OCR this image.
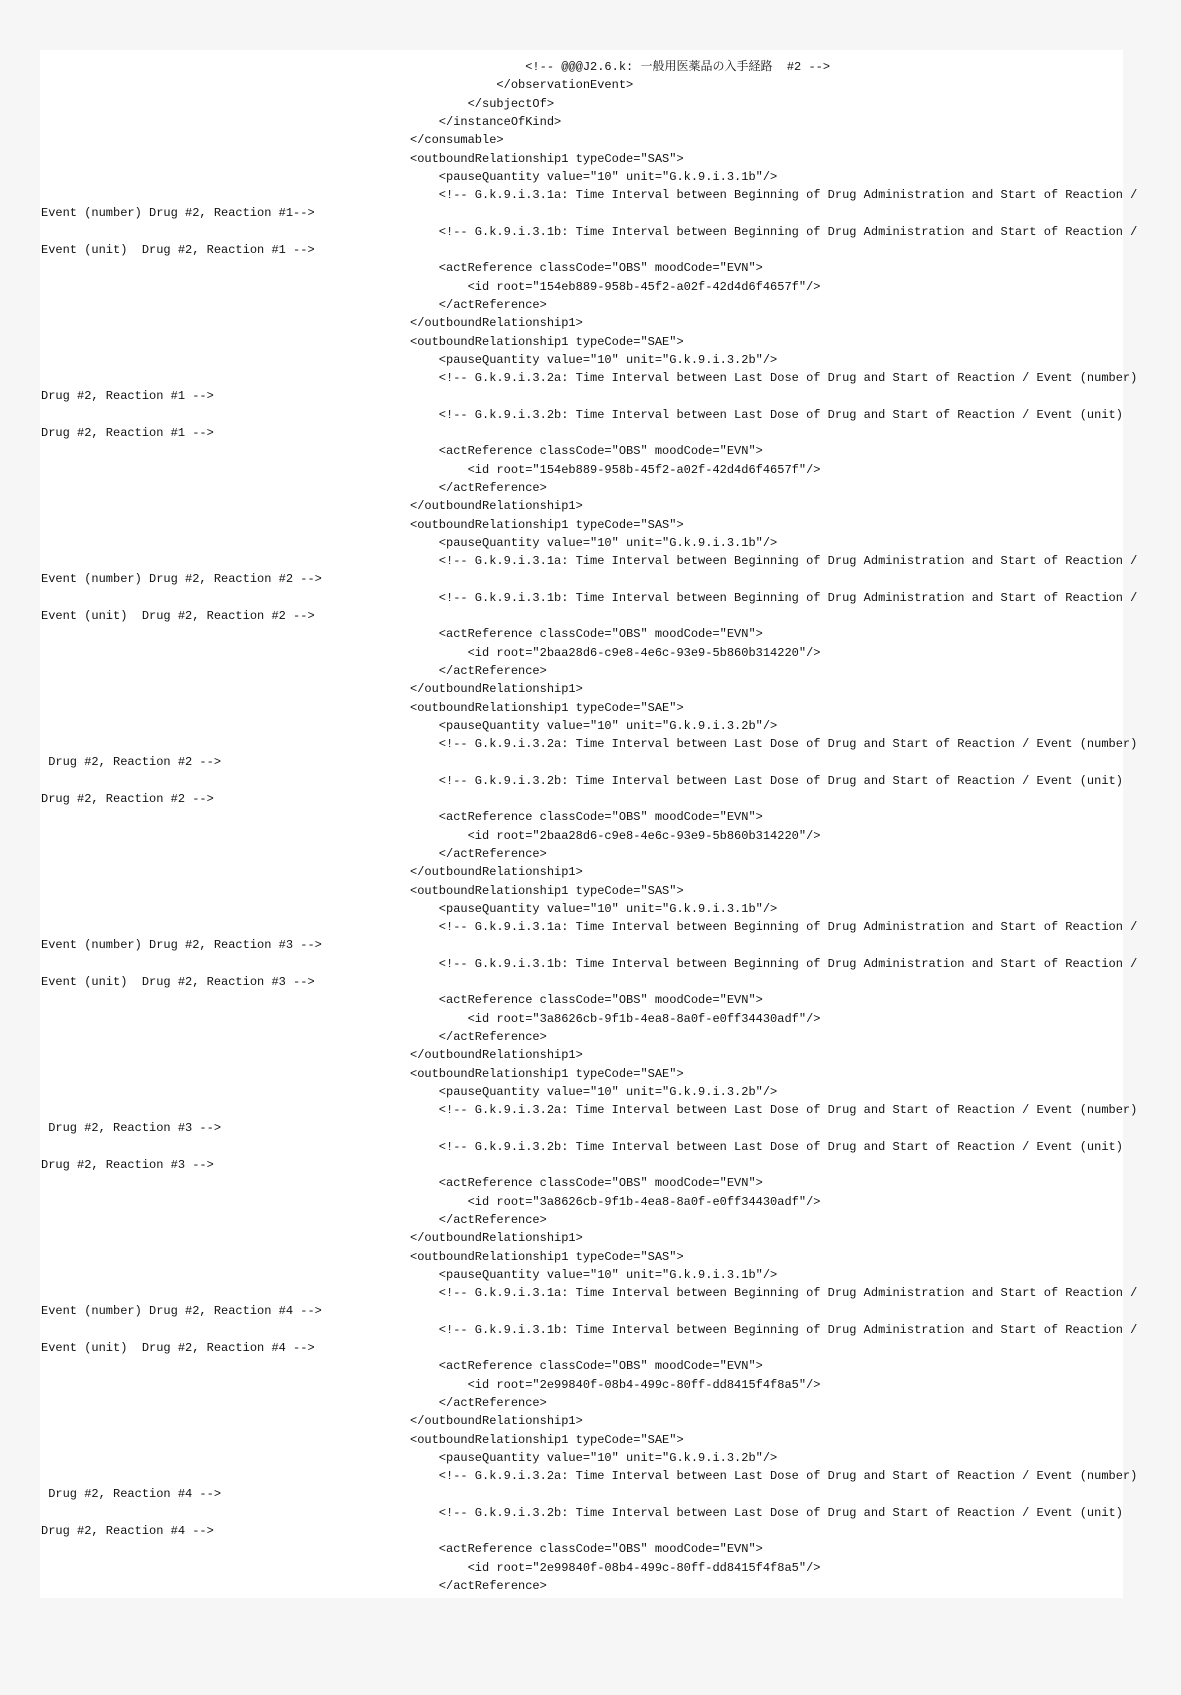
<!-- @@@J2.6.k: 一般用医薬品の入手経路  #2 -->
</observationEvent>
</subjectOf>
</instanceOfKind>
</consumable>
<outboundRelationship1 typeCode="SAS">
<pauseQuantity value="10" unit="G.k.9.i.3.1b"/>
<!-- G.k.9.i.3.1a: Time Interval between Beginning of Drug Administration and Start of Reaction /
Event (number) Drug #2, Reaction #1-->
<!-- G.k.9.i.3.1b: Time Interval between Beginning of Drug Administration and Start of Reaction /
Event (unit)  Drug #2, Reaction #1 -->
<actReference classCode="OBS" moodCode="EVN">
<id root="154eb889-958b-45f2-a02f-42d4d6f4657f"/>
</actReference>
</outboundRelationship1>
<outboundRelationship1 typeCode="SAE">
<pauseQuantity value="10" unit="G.k.9.i.3.2b"/>
<!-- G.k.9.i.3.2a: Time Interval between Last Dose of Drug and Start of Reaction / Event (number)
Drug #2, Reaction #1 -->
<!-- G.k.9.i.3.2b: Time Interval between Last Dose of Drug and Start of Reaction / Event (unit)
Drug #2, Reaction #1 -->
<actReference classCode="OBS" moodCode="EVN">
<id root="154eb889-958b-45f2-a02f-42d4d6f4657f"/>
</actReference>
</outboundRelationship1>
<outboundRelationship1 typeCode="SAS">
<pauseQuantity value="10" unit="G.k.9.i.3.1b"/>
<!-- G.k.9.i.3.1a: Time Interval between Beginning of Drug Administration and Start of Reaction /
Event (number) Drug #2, Reaction #2 -->
<!-- G.k.9.i.3.1b: Time Interval between Beginning of Drug Administration and Start of Reaction /
Event (unit)  Drug #2, Reaction #2 -->
<actReference classCode="OBS" moodCode="EVN">
<id root="2baa28d6-c9e8-4e6c-93e9-5b860b314220"/>
</actReference>
</outboundRelationship1>
<outboundRelationship1 typeCode="SAE">
<pauseQuantity value="10" unit="G.k.9.i.3.2b"/>
<!-- G.k.9.i.3.2a: Time Interval between Last Dose of Drug and Start of Reaction / Event (number)
Drug #2, Reaction #2 -->
<!-- G.k.9.i.3.2b: Time Interval between Last Dose of Drug and Start of Reaction / Event (unit)
Drug #2, Reaction #2 -->
<actReference classCode="OBS" moodCode="EVN">
<id root="2baa28d6-c9e8-4e6c-93e9-5b860b314220"/>
</actReference>
</outboundRelationship1>
<outboundRelationship1 typeCode="SAS">
<pauseQuantity value="10" unit="G.k.9.i.3.1b"/>
<!-- G.k.9.i.3.1a: Time Interval between Beginning of Drug Administration and Start of Reaction /
Event (number) Drug #2, Reaction #3 -->
<!-- G.k.9.i.3.1b: Time Interval between Beginning of Drug Administration and Start of Reaction /
Event (unit)  Drug #2, Reaction #3 -->
<actReference classCode="OBS" moodCode="EVN">
<id root="3a8626cb-9f1b-4ea8-8a0f-e0ff34430adf"/>
</actReference>
</outboundRelationship1>
<outboundRelationship1 typeCode="SAE">
<pauseQuantity value="10" unit="G.k.9.i.3.2b"/>
<!-- G.k.9.i.3.2a: Time Interval between Last Dose of Drug and Start of Reaction / Event (number)
Drug #2, Reaction #3 -->
<!-- G.k.9.i.3.2b: Time Interval between Last Dose of Drug and Start of Reaction / Event (unit)
Drug #2, Reaction #3 -->
<actReference classCode="OBS" moodCode="EVN">
<id root="3a8626cb-9f1b-4ea8-8a0f-e0ff34430adf"/>
</actReference>
</outboundRelationship1>
<outboundRelationship1 typeCode="SAS">
<pauseQuantity value="10" unit="G.k.9.i.3.1b"/>
<!-- G.k.9.i.3.1a: Time Interval between Beginning of Drug Administration and Start of Reaction /
Event (number) Drug #2, Reaction #4 -->
<!-- G.k.9.i.3.1b: Time Interval between Beginning of Drug Administration and Start of Reaction /
Event (unit)  Drug #2, Reaction #4 -->
<actReference classCode="OBS" moodCode="EVN">
<id root="2e99840f-08b4-499c-80ff-dd8415f4f8a5"/>
</actReference>
</outboundRelationship1>
<outboundRelationship1 typeCode="SAE">
<pauseQuantity value="10" unit="G.k.9.i.3.2b"/>
<!-- G.k.9.i.3.2a: Time Interval between Last Dose of Drug and Start of Reaction / Event (number)
Drug #2, Reaction #4 -->
<!-- G.k.9.i.3.2b: Time Interval between Last Dose of Drug and Start of Reaction / Event (unit)
Drug #2, Reaction #4 -->
<actReference classCode="OBS" moodCode="EVN">
<id root="2e99840f-08b4-499c-80ff-dd8415f4f8a5"/>
</actReference>
